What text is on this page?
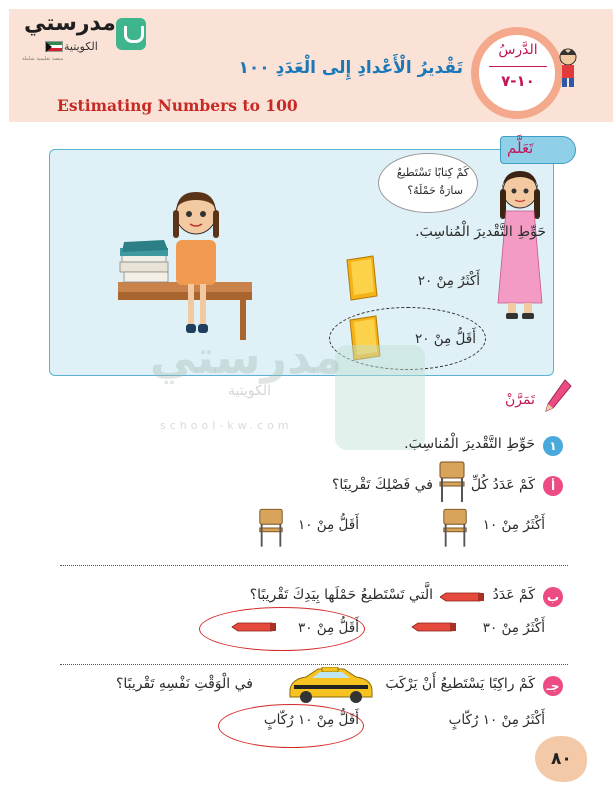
مدرستي
الكويتية
منصة تعليمية شاملة
الدَّرسُ
١٠-٧
تَقْديرُ الْأَعْدادِ إِلى الْعَدَدِ ١٠٠
Estimating Numbers to 100
تَعَلَّم
كَمْ كِتابًا تَسْتَطيعُ
سارَةُ حَمْلَهُ؟
حَوِّطِ التَّقْديرَ الْمُناسِبَ.
أَكْثَرُ مِنْ ٢٠
أَقَلُّ مِنْ ٢٠
مدرستي
الكويتية
school-kw.com
تَمَرَّنْ
١
حَوِّطِ التَّقْديرَ الْمُناسِبَ.
أ
كَمْ عَدَدُ كُلِّ
في فَصْلِكَ تَقْريبًا؟
أَكْثَرُ مِنْ ١٠
أَقَلُّ مِنْ ١٠
ب
كَمْ عَدَدُ
الَّتي تَسْتَطيعُ حَمْلَها بِيَدِكَ تَقْريبًا؟
أَكْثَرُ مِنْ ٣٠
أَقَلُّ مِنْ ٣٠
جـ
كَمْ راكِبًا يَسْتَطيعُ أَنْ يَرْكَبَ
في الْوَقْتِ نَفْسِهِ تَقْريبًا؟
أَكْثَرُ مِنْ ١٠ رُكّابٍ
أَقَلُّ مِنْ ١٠ رُكّابٍ
٨٠
